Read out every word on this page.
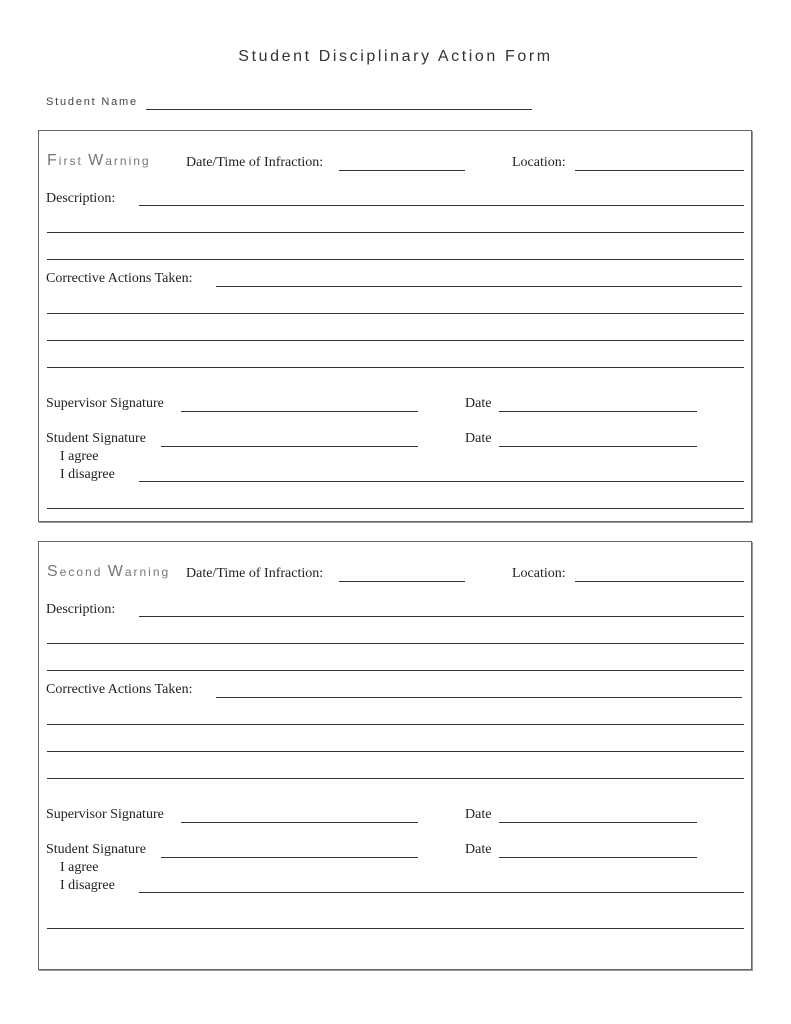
Student Disciplinary Action Form
Student Name
First Warning	Date/Time of Infraction:	Location:
Description:
Corrective Actions Taken:
Supervisor Signature	Date
Student Signature	Date
I agree
I disagree
Second Warning Date/Time of Infraction:	Location:
Description:
Corrective Actions Taken:
Supervisor Signature	Date
Student Signature	Date
I agree
I disagree
